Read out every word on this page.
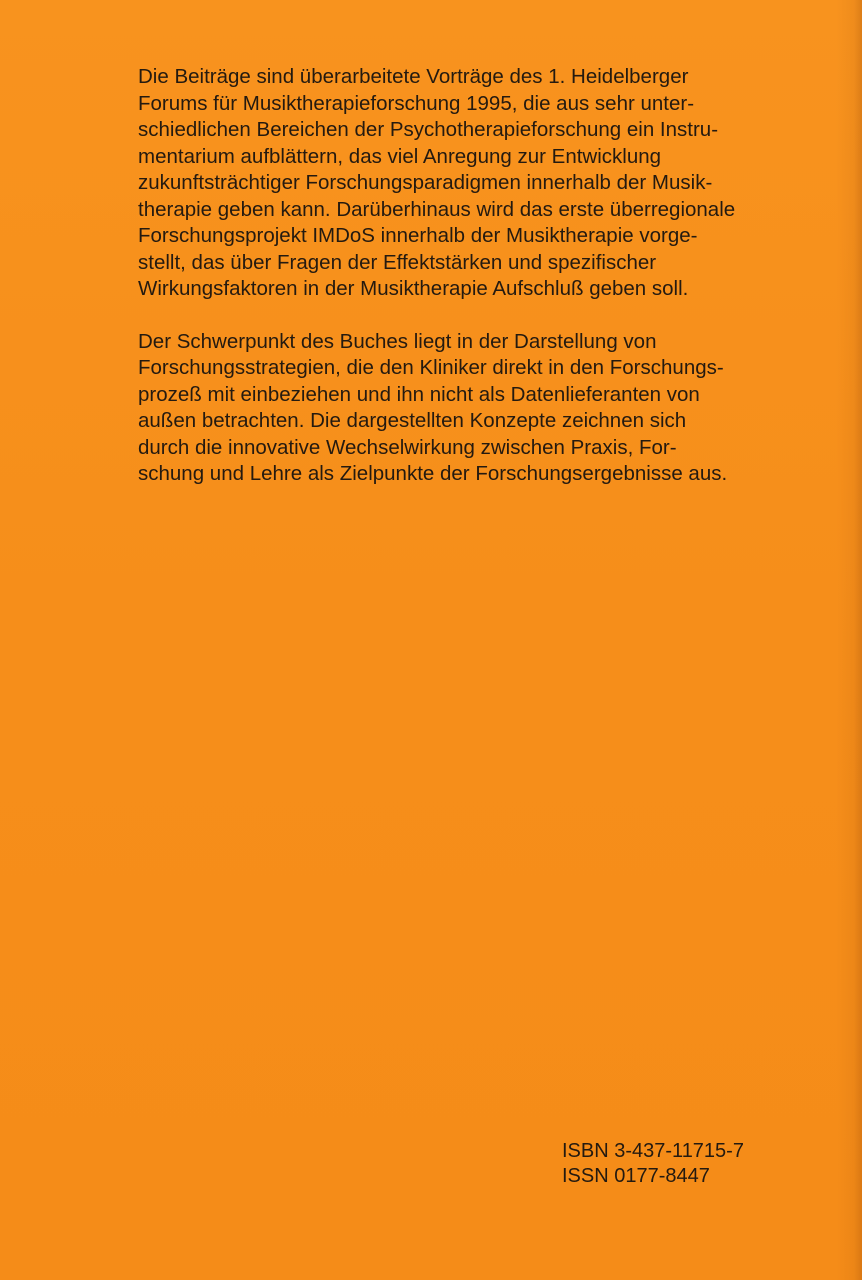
Die Beiträge sind überarbeitete Vorträge des 1. Heidelberger
Forums für Musiktherapieforschung 1995, die aus sehr unter-
schiedlichen Bereichen der Psychotherapieforschung ein Instru-
mentarium aufblättern, das viel Anregung zur Entwicklung
zukunftsträchtiger Forschungsparadigmen innerhalb der Musik-
therapie geben kann. Darüberhinaus wird das erste überregionale
Forschungsprojekt IMDoS innerhalb der Musiktherapie vorge-
stellt, das über Fragen der Effektstärken und spezifischer
Wirkungsfaktoren in der Musiktherapie Aufschluß geben soll.

Der Schwerpunkt des Buches liegt in der Darstellung von
Forschungsstrategien, die den Kliniker direkt in den Forschungs-
prozeß mit einbeziehen und ihn nicht als Datenlieferanten von
außen betrachten. Die dargestellten Konzepte zeichnen sich
durch die innovative Wechselwirkung zwischen Praxis, For-
schung und Lehre als Zielpunkte der Forschungsergebnisse aus.

ISBN 3-437-11715-7
ISSN 0177-8447
